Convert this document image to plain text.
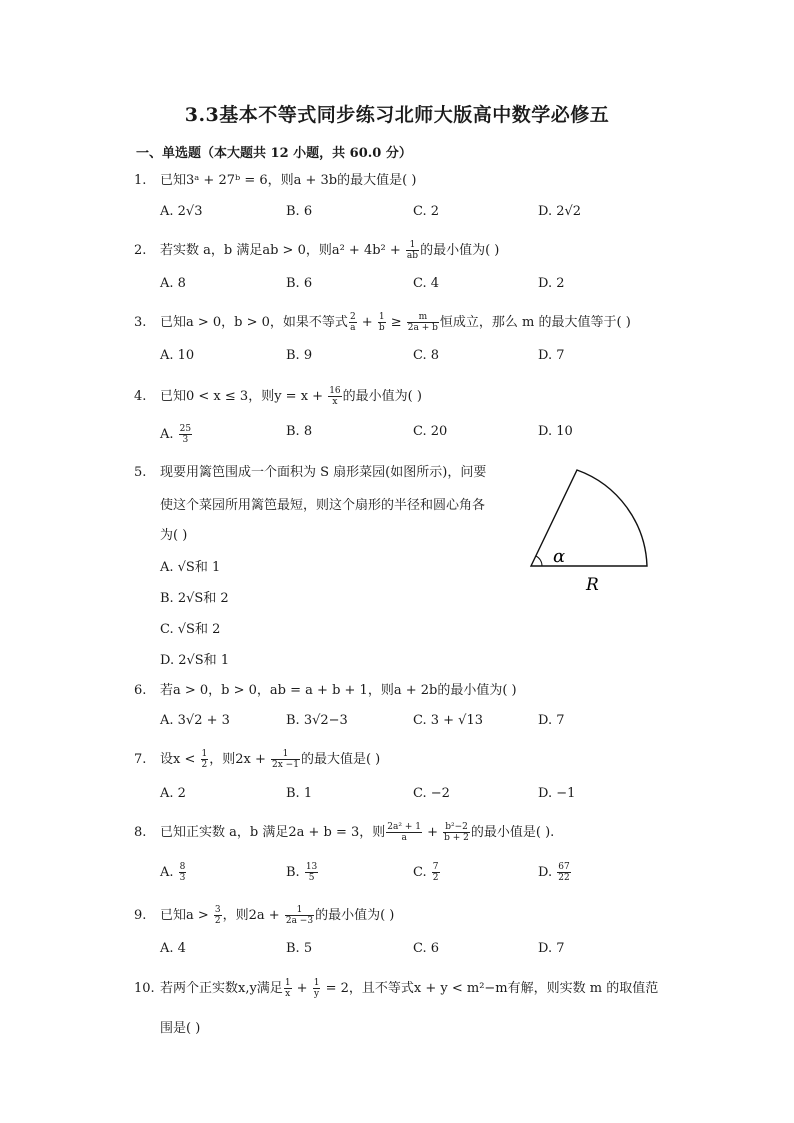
3.3基本不等式同步练习北师大版高中数学必修五
一、单选题（本大题共 12 小题，共 60.0 分）
1. 已知3ᵃ + 27ᵇ = 6，则a + 3b的最大值是( )
A. 2√3	B. 6	C. 2	D. 2√2
2. 若实数 a，b 满足ab > 0，则$a^2 + 4b^2 + \frac{1}{ab}$ 的最小值为( )
A. 8	B. 6	C. 4	D. 2
3. 已知a > 0，b > 0，如果不等式 $\frac{2}{a} + \frac{1}{b} \ge \frac{m}{2a + b}$ 恒成立，那么 m 的最大值等于( )
A. 10	B. 9	C. 8	D. 7
4. 已知0 < x ≤ 3，则$y = x + \frac{16}{x}$ 的最小值为( )
A. $\frac{25}{3}$	B. 8	C. 20	D. 10
5. 现要用篱笆围成一个面积为 S 扇形菜园(如图所示)，问要
使这个菜园所用篱笆最短，则这个扇形的半径和圆心角各
为( )
A. √S和 1
B. 2√S和 2
C. √S和 2
D. 2√S和 1
α
R
6. 若a > 0，b > 0，ab = a + b + 1，则a + 2b的最小值为( )
A. 3√2 + 3	B. 3√2−3	C. 3 + √13	D. 7
7. 设$x < \frac{1}{2}$ ，则$2x + \frac{1}{2x -1}$ 的最大值是( )
A. 2	B. 1	C. −2	D. −1
8. 已知正实数 a，b 满足2a + b = 3，则 $\frac{\text{2a² + 1}}{a} + \frac{\text{b²−2}}{b + 2}$ 的最小值是( ).
A. $\frac{8}{3}$	B. $\frac{13}{5}$	C. $\frac{7}{2}$	D. $\frac{67}{22}$
9. 已知$a > \frac{3}{2}$ ，则$2a + \frac{1}{2a -3}$ 的最小值为( )
A. 4	B. 5	C. 6	D. 7
10. 若两个正实数x,y满足 $\frac{1}{x} + \frac{1}{y} = 2$，且不等式x + y < m²−m有解，则实数 m 的取值范
围是( )
